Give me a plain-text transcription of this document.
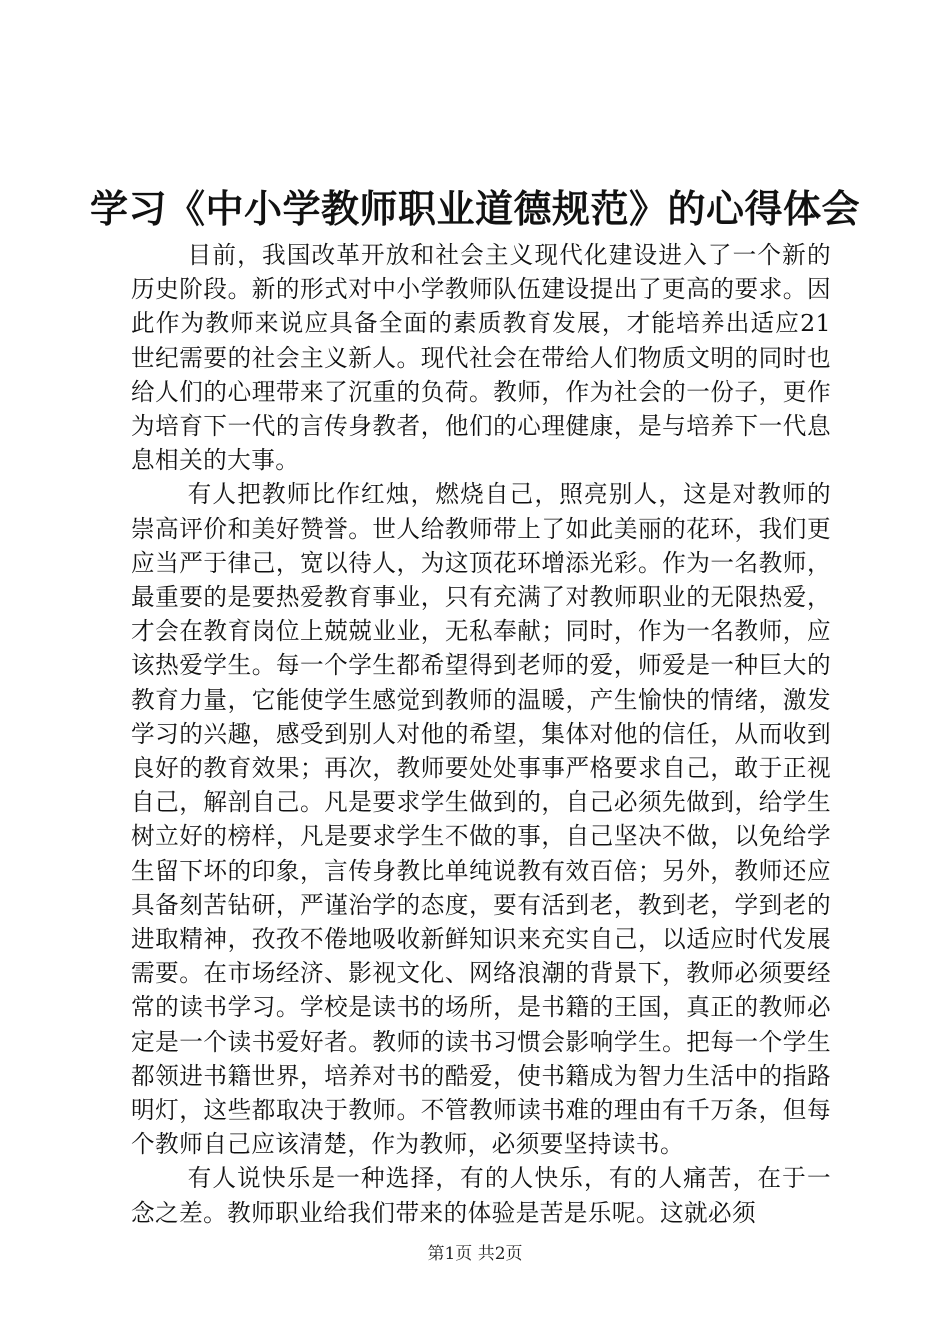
学习《中小学教师职业道德规范》的心得体会

目前，我国改革开放和社会主义现代化建设进入了一个新的历史阶段。新的形式对中小学教师队伍建设提出了更高的要求。因此作为教师来说应具备全面的素质教育发展，才能培养出适应21世纪需要的社会主义新人。现代社会在带给人们物质文明的同时也给人们的心理带来了沉重的负荷。教师，作为社会的一份子，更作为培育下一代的言传身教者，他们的心理健康，是与培养下一代息息相关的大事。

有人把教师比作红烛，燃烧自己，照亮别人，这是对教师的崇高评价和美好赞誉。世人给教师带上了如此美丽的花环，我们更应当严于律己，宽以待人，为这顶花环增添光彩。作为一名教师，最重要的是要热爱教育事业，只有充满了对教师职业的无限热爱，才会在教育岗位上兢兢业业，无私奉献；同时，作为一名教师，应该热爱学生。每一个学生都希望得到老师的爱，师爱是一种巨大的教育力量，它能使学生感觉到教师的温暖，产生愉快的情绪，激发学习的兴趣，感受到别人对他的希望，集体对他的信任，从而收到良好的教育效果；再次，教师要处处事事严格要求自己，敢于正视自己，解剖自己。凡是要求学生做到的，自己必须先做到，给学生树立好的榜样，凡是要求学生不做的事，自己坚决不做，以免给学生留下坏的印象，言传身教比单纯说教有效百倍；另外，教师还应具备刻苦钻研，严谨治学的态度，要有活到老，教到老，学到老的进取精神，孜孜不倦地吸收新鲜知识来充实自己，以适应时代发展需要。在市场经济、影视文化、网络浪潮的背景下，教师必须要经常的读书学习。学校是读书的场所，是书籍的王国，真正的教师必定是一个读书爱好者。教师的读书习惯会影响学生。把每一个学生都领进书籍世界，培养对书的酷爱，使书籍成为智力生活中的指路明灯，这些都取决于教师。不管教师读书难的理由有千万条，但每个教师自己应该清楚，作为教师，必须要坚持读书。

有人说快乐是一种选择，有的人快乐，有的人痛苦，在于一念之差。教师职业给我们带来的体验是苦是乐呢。这就必须

第1页 共2页
